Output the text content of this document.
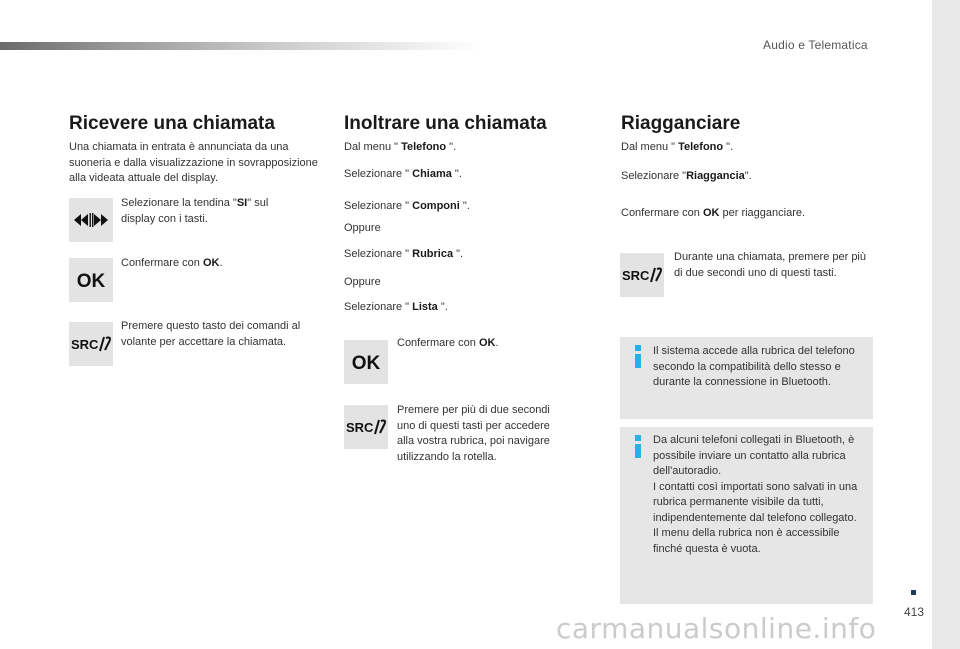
Audio e Telematica
413
carmanualsonline.info
Ricevere una chiamata

Una chiamata in entrata è annunciata da una suoneria e dalla visualizzazione in sovrapposizione alla videata attuale del display.

Selezionare la tendina "SI" sul display con i tasti.

OK

Confermare con OK.

SRC

Premere questo tasto dei comandi al volante per accettare la chiamata.

Inoltrare una chiamata

Dal menu " Telefono ".

Selezionare " Chiama ".

Selezionare " Componi ".

Oppure

Selezionare " Rubrica ".

Oppure

Selezionare " Lista ".

OK

Confermare con OK.

SRC

Premere per più di due secondi uno di questi tasti per accedere alla vostra rubrica, poi navigare utilizzando la rotella.

Riagganciare

Dal menu " Telefono ".

Selezionare "Riaggancia".

Confermare con OK per riagganciare.

SRC

Durante una chiamata, premere per più di due secondi uno di questi tasti.

Il sistema accede alla rubrica del telefono secondo la compatibilità dello stesso e durante la connessione in Bluetooth.

Da alcuni telefoni collegati in Bluetooth, è possibile inviare un contatto alla rubrica dell'autoradio.
I contatti così importati sono salvati in una rubrica permanente visibile da tutti, indipendentemente dal telefono collegato.
Il menu della rubrica non è accessibile finché questa è vuota.
